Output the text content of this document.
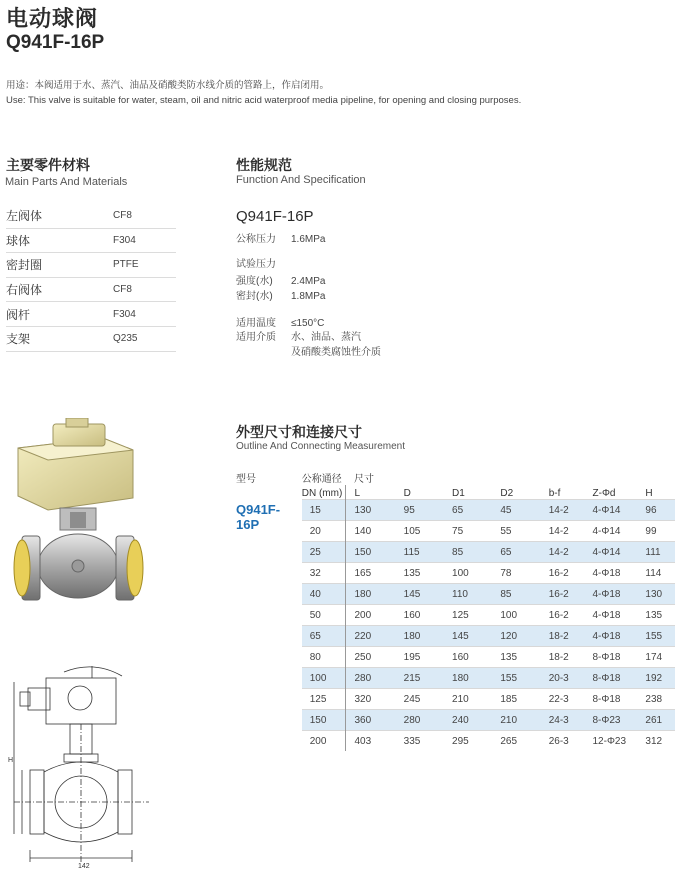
电动球阀
Q941F-16P
用途：本阀适用于水、蒸汽、油品及硝酸类防水线介质的管路上，作启闭用。
Use: This valve is suitable for water, steam, oil and nitric acid waterproof media pipeline, for opening and closing purposes.
主要零件材料
Main Parts And Materials
左阀体	CF8
球体	F304
密封圈	PTFE
右阀体	CF8
阀杆	F304
支架	Q235
性能规范
Function And Specification
Q941F-16P
公称压力 1.6MPa
试验压力
强度(水) 2.4MPa
密封(水) 1.8MPa
适用温度 ≤150°C
适用介质 水、油品、蒸汽
及硝酸类腐蚀性介质
外型尺寸和连接尺寸
Outline And Connecting Measurement
型号	公称通径	尺寸						
	DN (mm)	L	D	D1	D2	b-f	Z-Φd	H
Q941F-16P	15	130	95	65	45	14-2	4-Φ14	96
	20	140	105	75	55	14-2	4-Φ14	99
	25	150	115	85	65	14-2	4-Φ14	111
	32	165	135	100	78	16-2	4-Φ18	114
	40	180	145	110	85	16-2	4-Φ18	130
	50	200	160	125	100	16-2	4-Φ18	135
	65	220	180	145	120	18-2	4-Φ18	155
	80	250	195	160	135	18-2	8-Φ18	174
	100	280	215	180	155	20-3	8-Φ18	192
	125	320	245	210	185	22-3	8-Φ18	238
	150	360	280	240	210	24-3	8-Φ23	261
	200	403	335	295	265	26-3	12-Φ23	312
H
142
